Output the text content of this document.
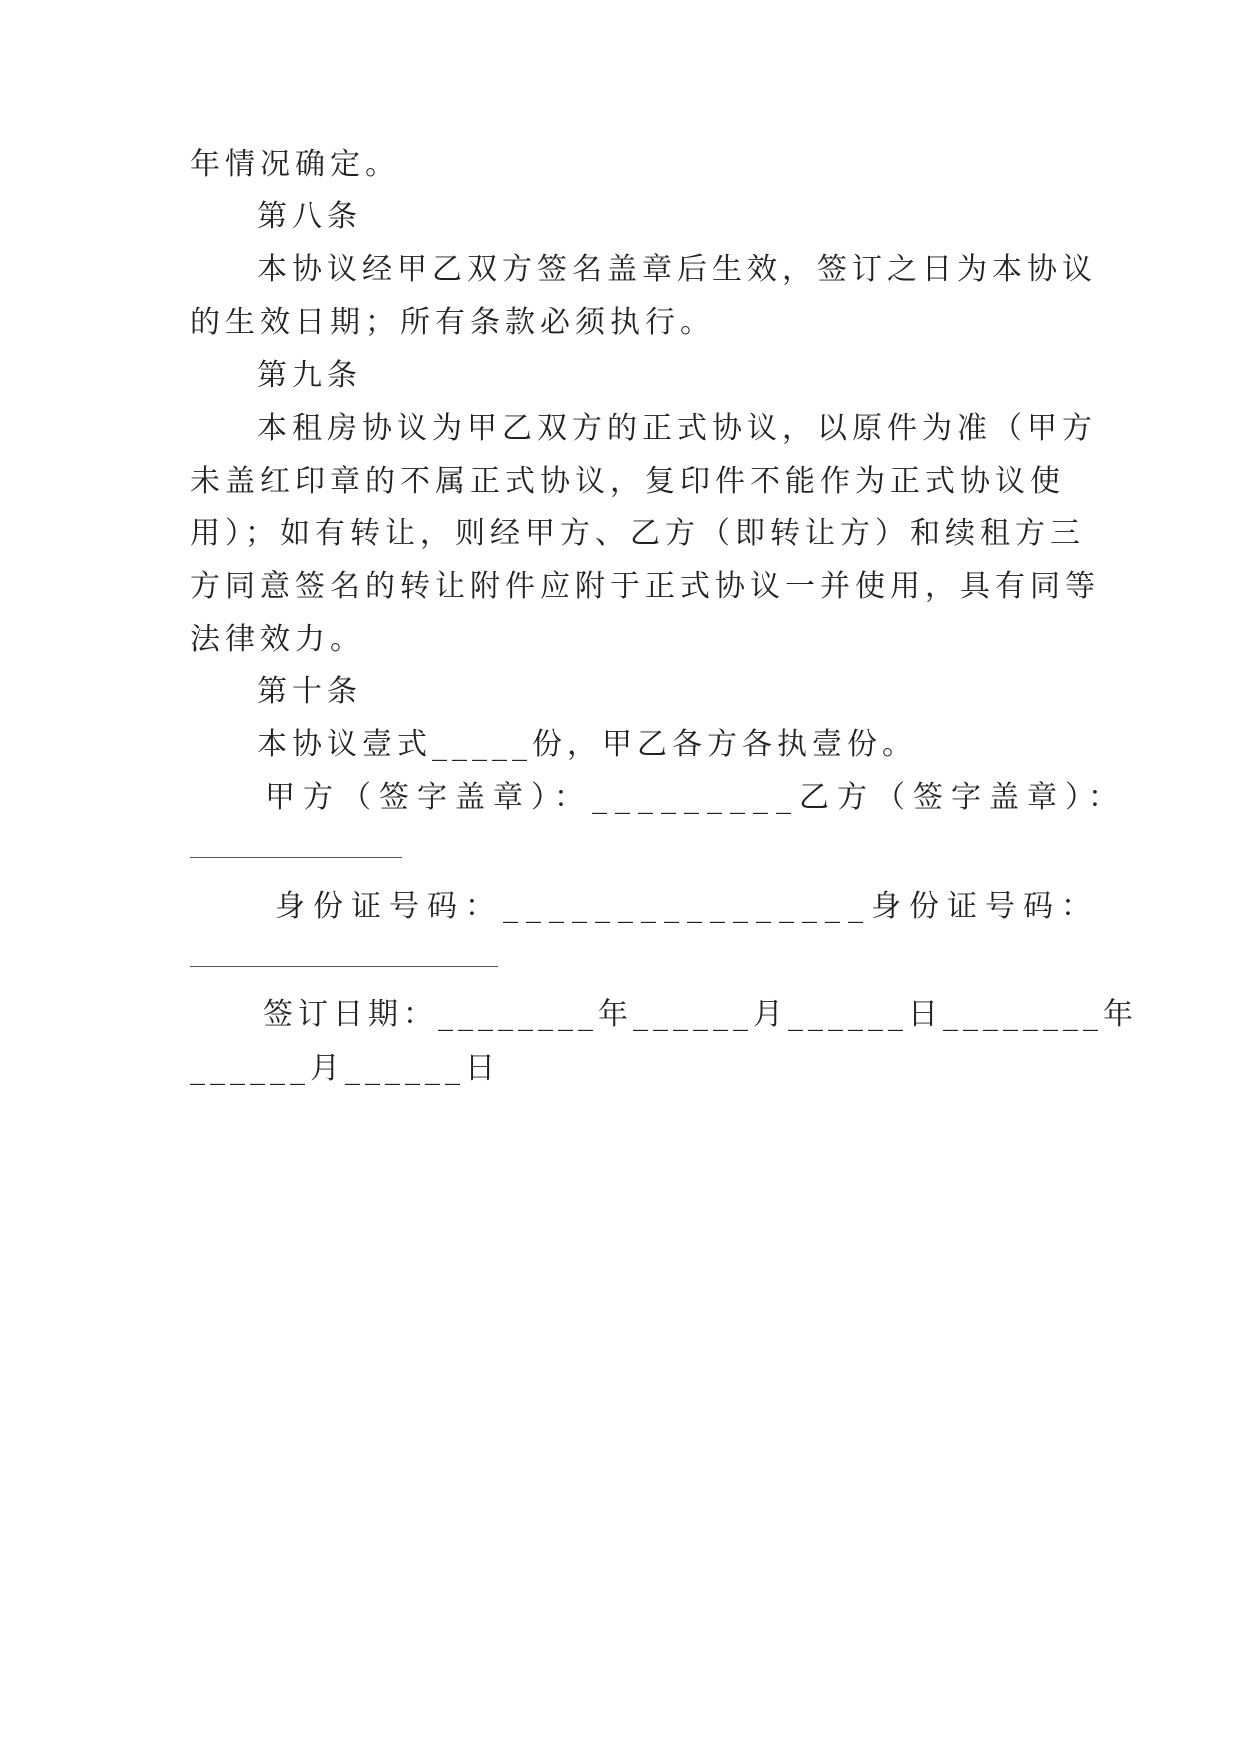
年情况确定。
第八条
本协议经甲乙双方签名盖章后生效，签订之日为本协议
的生效日期；所有条款必须执行。
第九条
本租房协议为甲乙双方的正式协议，以原件为准（甲方
未盖红印章的不属正式协议，复印件不能作为正式协议使
用）；如有转让，则经甲方、乙方（即转让方）和续租方三
方同意签名的转让附件应附于正式协议一并使用，具有同等
法律效力。
第十条
本协议壹式_____份，甲乙各方各执壹份。
甲方（签字盖章）：_________乙方（签字盖章）：
身份证号码：________________身份证号码：
签订日期：________年______月______日________年
______月______日
